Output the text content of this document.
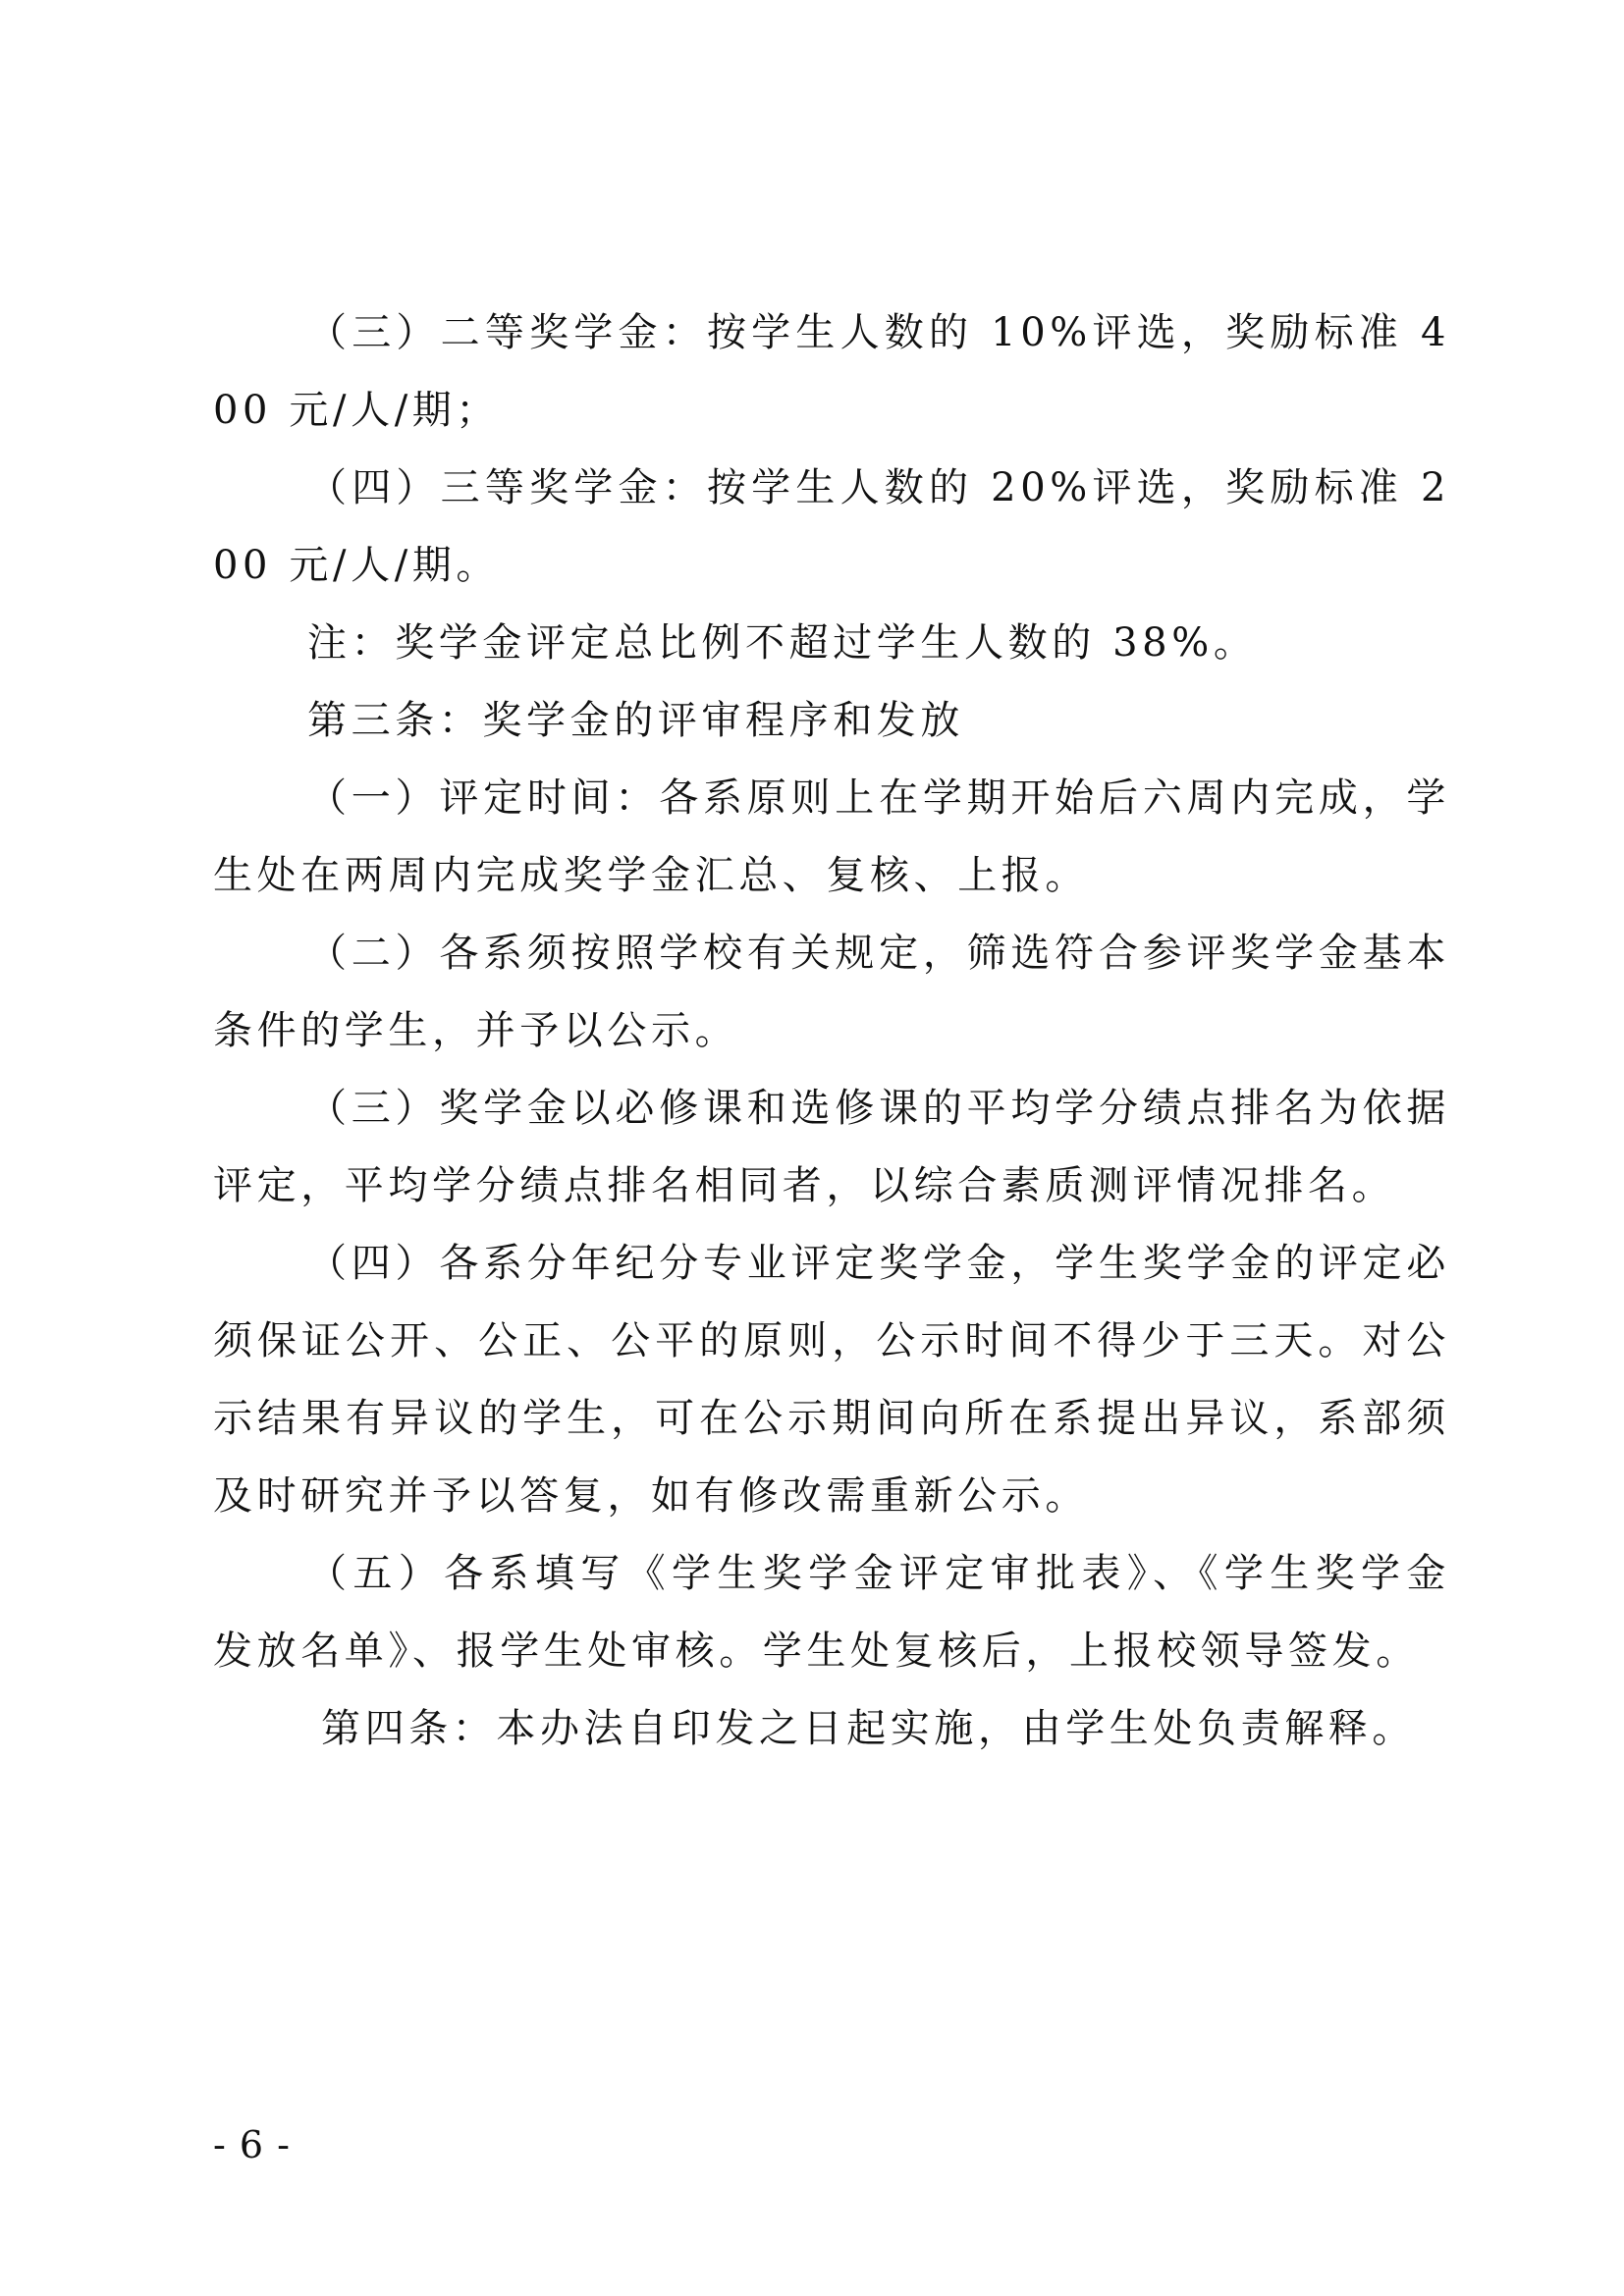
（三）二等奖学金：按学生人数的 10%评选，奖励标准 400 元/人/期；

（四）三等奖学金：按学生人数的 20%评选，奖励标准 200 元/人/期。

注：奖学金评定总比例不超过学生人数的 38%。

第三条：奖学金的评审程序和发放

（一）评定时间：各系原则上在学期开始后六周内完成，学生处在两周内完成奖学金汇总、复核、上报。

（二）各系须按照学校有关规定，筛选符合参评奖学金基本条件的学生，并予以公示。

（三）奖学金以必修课和选修课的平均学分绩点排名为依据评定，平均学分绩点排名相同者，以综合素质测评情况排名。

（四）各系分年纪分专业评定奖学金，学生奖学金的评定必须保证公开、公正、公平的原则，公示时间不得少于三天。对公示结果有异议的学生，可在公示期间向所在系提出异议，系部须及时研究并予以答复，如有修改需重新公示。

（五）各系填写《学生奖学金评定审批表》、《学生奖学金发放名单》、报学生处审核。学生处复核后，上报校领导签发。

第四条：本办法自印发之日起实施，由学生处负责解释。

- 6 -
